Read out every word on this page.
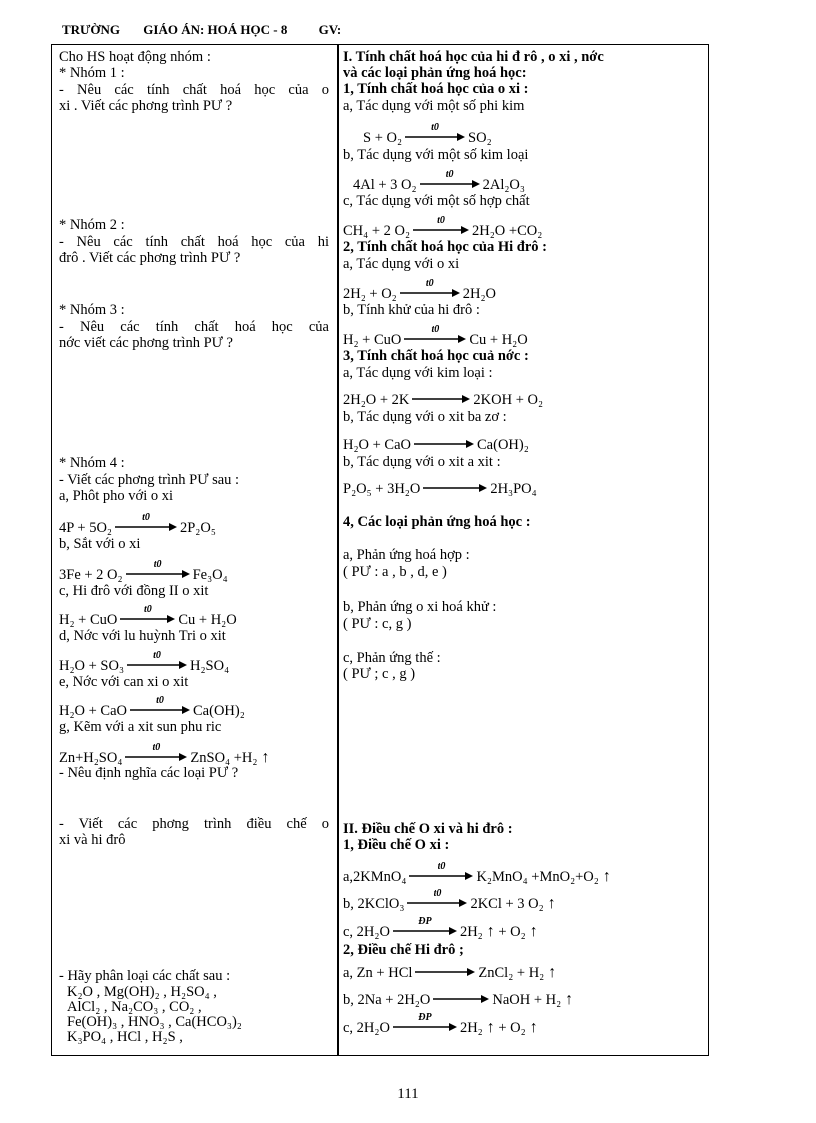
TRƯỜNG GIÁO ÁN: HOÁ HỌC - 8 GV:
Cho HS hoạt động nhóm :
* Nhóm 1 :
- Nêu các tính chất hoá học của o
xi . Viết các phơng trình PƯ ?
* Nhóm 2 :
- Nêu các tính chất hoá học của hi
đrô . Viết các phơng trình PƯ ?
* Nhóm 3 :
- Nêu các tính chất hoá học của
nớc viết các phơng trình PƯ ?
* Nhóm 4 :
- Viết các phơng trình PƯ sau :
a, Phôt pho với o xi
b, Sắt với o xi
c, Hi đrô với đồng II o xit
d, Nớc với lu huỳnh Tri o xit
e, Nớc với can xi o xit
g, Kẽm với a xit sun phu ric
- Nêu định nghĩa các loại PƯ ?
- Viết các phơng trình điều chế o
xi và hi đrô
- Hãy phân loại các chất sau :
K₂O , Mg(OH)₂ , H₂SO₄ ,
AlCl₂ , Na₂CO₃ , CO₂ ,
Fe(OH)₃ , HNO₃ , Ca(HCO₃)₂
K₃PO₄ , HCl , H₂S ,
I. Tính chất hoá học của hi đ rô , o xi , nớc
và các loại phản ứng hoá học:
1, Tính chất hoá học của o xi :
a, Tác dụng với một số phi kim
b, Tác dụng với một số kim loại
c, Tác dụng với một số hợp chất
2, Tính chất hoá học của Hi đrô :
a, Tác dụng với o xi
b, Tính khử của hi đrô :
3, Tính chất hoá học cuả nớc :
a, Tác dụng với kim loại :
b, Tác dụng với o xit ba zơ :
b, Tác dụng với o xit a xit :
4, Các loại phản ứng hoá học :
a, Phản ứng hoá hợp :
( PƯ : a , b , d, e )
b, Phản ứng o xi hoá khử :
( PƯ : c, g )
c, Phản ứng thế :
( PƯ ; c , g )
II. Điều chế O xi và hi đrô :
1, Điều chế O xi :
2, Điều chế Hi đrô ;
4P + 5O₂
t0
2P₂O₅
3Fe + 2 O₂
t0
Fe₃O₄
H₂ + CuO
t0
Cu + H₂O
H₂O + SO₃
t0
H₂SO₄
H₂O + CaO
t0
Ca(OH)₂
Zn+H₂SO₄
t0
ZnSO₄ +H₂ ↑
S + O₂
t0
SO₂
4Al + 3 O₂
t0
2Al₂O₃
CH₄ + 2 O₂
t0
2H₂O +CO₂
2H₂ + O₂
t0
2H₂O
H₂ + CuO
t0
Cu + H₂O
2H₂O + 2K → 2KOH + O₂
H₂O + CaO	Ca(OH)₂
P₂O₅ + 3H₂O	2H₃PO₄
a,2KMnO₄
t0
K₂MnO₄ +MnO₂+O₂ ↑
b, 2KClO₃
t0
2KCl + 3 O₂ ↑
c, 2H₂O
ĐP
2H₂ ↑ + O₂ ↑
a, Zn + HCl	ZnCl₂ + H₂ ↑
b, 2Na + 2H₂O → NaOH + H₂ ↑
c, 2H₂O
ĐP
2H₂ ↑ + O₂ ↑
111
